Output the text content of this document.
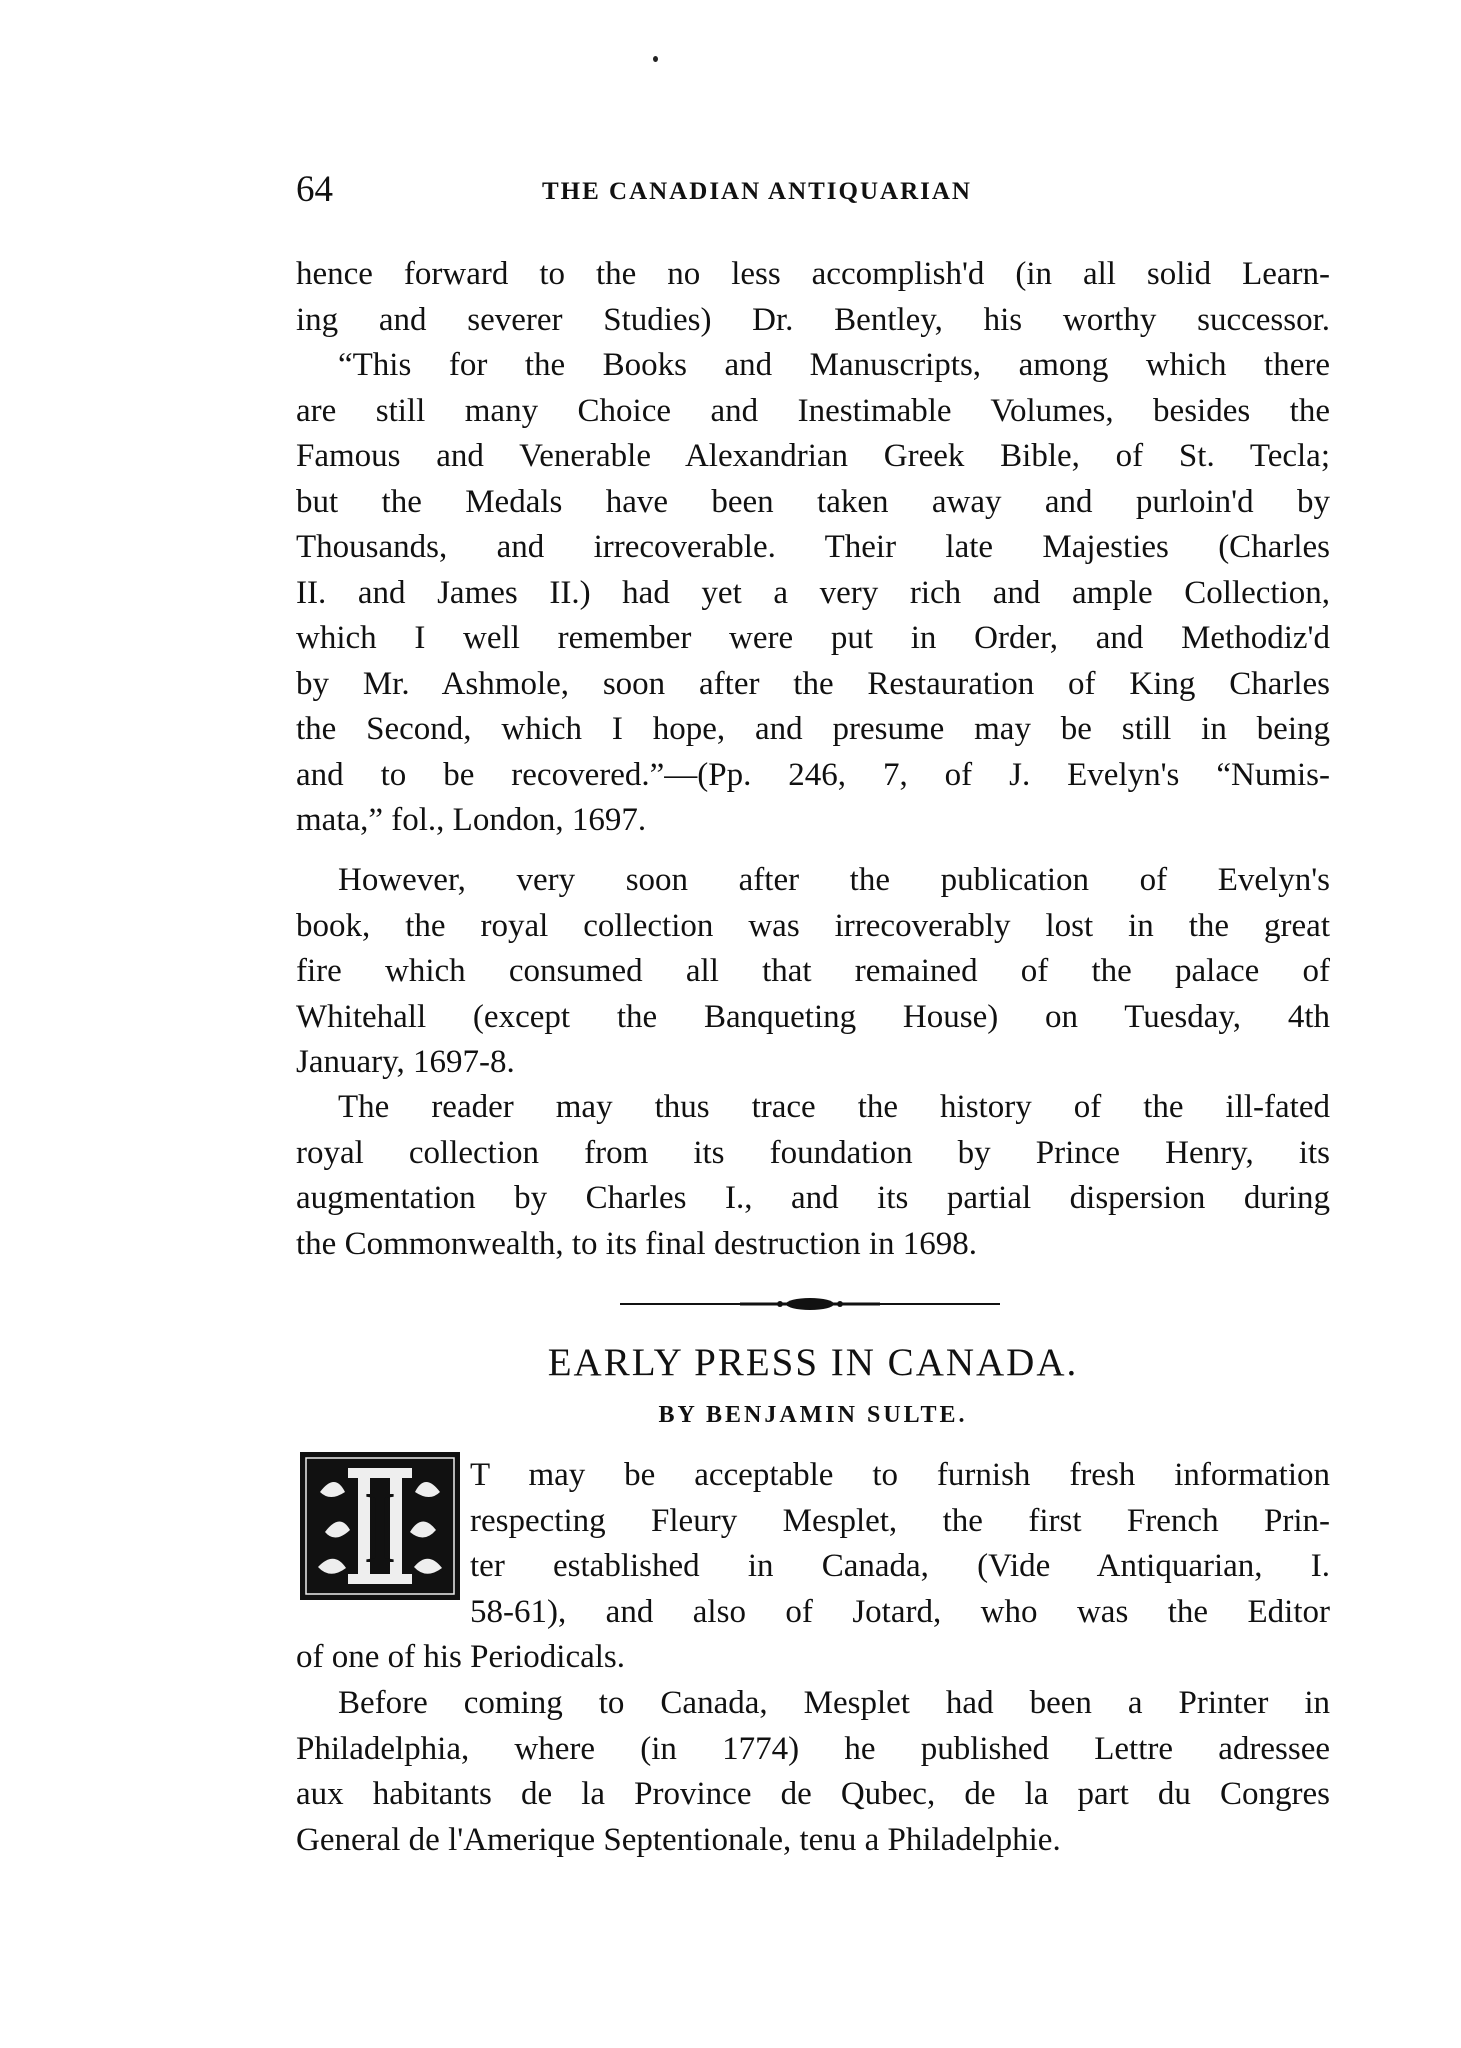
64	THE CANADIAN ANTIQUARIAN
hence forward to the no less accomplish'd (in all solid Learn-
ing and severer Studies) Dr. Bentley, his worthy successor.
“This for the Books and Manuscripts, among which there
are still many Choice and Inestimable Volumes, besides the
Famous and Venerable Alexandrian Greek Bible, of St. Tecla;
but the Medals have been taken away and purloin'd by
Thousands, and irrecoverable. Their late Majesties (Charles
II. and James II.) had yet a very rich and ample Collection,
which I well remember were put in Order, and Methodiz'd
by Mr. Ashmole, soon after the Restauration of King Charles
the Second, which I hope, and presume may be still in being
and to be recovered.”—(Pp. 246, 7, of J. Evelyn's “Numis-
mata,” fol., London, 1697.
However, very soon after the publication of Evelyn's
book, the royal collection was irrecoverably lost in the great
fire which consumed all that remained of the palace of
Whitehall (except the Banqueting House) on Tuesday, 4th
January, 1697-8.
The reader may thus trace the history of the ill-fated
royal collection from its foundation by Prince Henry, its
augmentation by Charles I., and its partial dispersion during
the Commonwealth, to its final destruction in 1698.
EARLY PRESS IN CANADA.
BY BENJAMIN SULTE.
I T may be acceptable to furnish fresh information
respecting Fleury Mesplet, the first French Prin-
ter established in Canada, (Vide Antiquarian, I.
58-61), and also of Jotard, who was the Editor
of one of his Periodicals.
Before coming to Canada, Mesplet had been a Printer in
Philadelphia, where (in 1774) he published Lettre adressee
aux habitants de la Province de Qubec, de la part du Congres
General de l'Amerique Septentionale, tenu a Philadelphie.
